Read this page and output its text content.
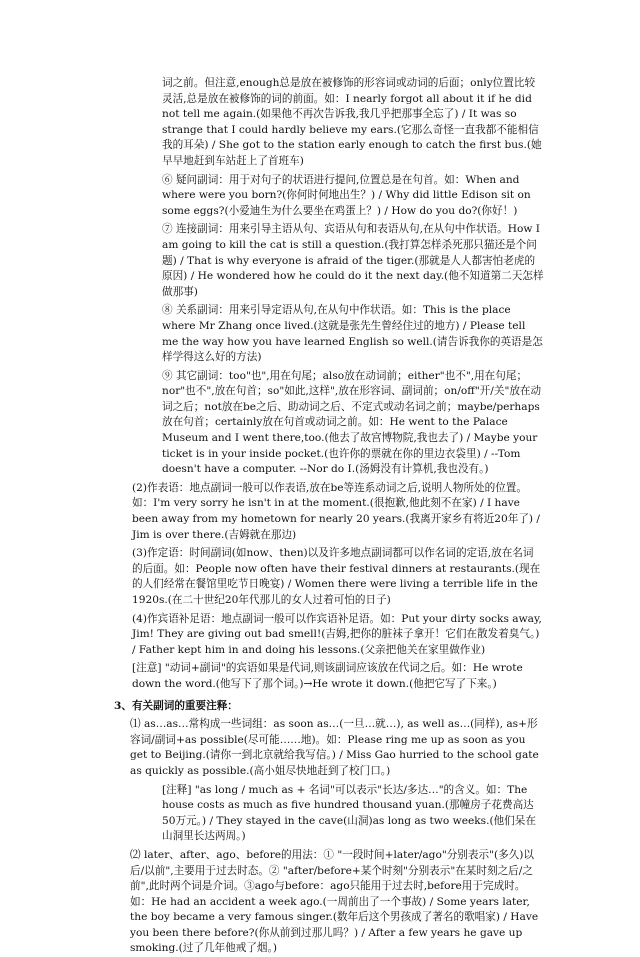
词之前。但注意,enough总是放在被修饰的形容词或动词的后面；only位置比较灵活,总是放在被修饰的词的前面。如：I nearly forgot all about it if he did not tell me again.(如果他不再次告诉我,我几乎把那事全忘了) / It was so strange that I could hardly believe my ears.(它那么奇怪一直我都不能相信我的耳朵) / She got to the station early enough to catch the first bus.(她早早地赶到车站赶上了首班车)
⑥ 疑问副词：用于对句子的状语进行提问,位置总是在句首。如：When and where were you born?(你何时何地出生？) / Why did little Edison sit on some eggs?(小爱迪生为什么要坐在鸡蛋上？) / How do you do?(你好！)
⑦ 连接副词：用来引导主语从句、宾语从句和表语从句,在从句中作状语。How I am going to kill the cat is still a question.(我打算怎样杀死那只猫还是个问题) / That is why everyone is afraid of the tiger.(那就是人人都害怕老虎的原因) / He wondered how he could do it the next day.(他不知道第二天怎样做那事)
⑧ 关系副词：用来引导定语从句,在从句中作状语。如：This is the place where Mr Zhang once lived.(这就是张先生曾经住过的地方) / Please tell me the way how you have learned English so well.(请告诉我你的英语是怎样学得这么好的方法)
⑨ 其它副词：too"也",用在句尾；also放在动词前；either"也不",用在句尾；nor"也不",放在句首；so"如此,这样",放在形容词、副词前；on/off"开/关"放在动词之后；not放在be之后、助动词之后、不定式或动名词之前；maybe/perhaps放在句首；certainly放在句首或动词之前。如：He went to the Palace Museum and I went there,too.(他去了故宫博物院,我也去了) / Maybe your ticket is in your inside pocket.(也许你的票就在你的里边衣袋里) / --Tom doesn't have a computer. --Nor do I.(汤姆没有计算机,我也没有。)
(2)作表语：地点副词一般可以作表语,放在be等连系动词之后,说明人物所处的位置。如：I'm very sorry he isn't in at the moment.(很抱歉,他此刻不在家) / I have been away from my hometown for nearly 20 years.(我离开家乡有将近20年了) / Jim is over there.(吉姆就在那边)
(3)作定语：时间副词(如now、then)以及许多地点副词都可以作名词的定语,放在名词的后面。如：People now often have their festival dinners at restaurants.(现在的人们经常在餐馆里吃节日晚宴) / Women there were living a terrible life in the 1920s.(在二十世纪20年代那儿的女人过着可怕的日子)
(4)作宾语补足语：地点副词一般可以作宾语补足语。如：Put your dirty socks away, Jim! They are giving out bad smell!(吉姆,把你的脏袜子拿开！它们在散发着臭气。) / Father kept him in and doing his lessons.(父亲把他关在家里做作业)
[注意] "动词+副词"的宾语如果是代词,则该副词应该放在代词之后。如：He wrote down the word.(他写下了那个词。)→He wrote it down.(他把它写了下来。)
3、有关副词的重要注释：
⑴ as…as…常构成一些词组：as soon as…(一旦…就…), as well as…(同样), as+形容词/副词+as possible(尽可能……地)。如：Please ring me up as soon as you get to Beijing.(请你一到北京就给我写信。) / Miss Gao hurried to the school gate as quickly as possible.(高小姐尽快地赶到了校门口。)
[注释] "as long / much as + 名词"可以表示"长达/多达…"的含义。如：The house costs as much as five hundred thousand yuan.(那幢房子花费高达50万元。) / They stayed in the cave(山洞)as long as two weeks.(他们呆在山洞里长达两周。)
⑵ later、after、ago、before的用法：① "一段时间+later/ago"分别表示"(多久)以后/以前",主要用于过去时态。② "after/before+某个时刻"分别表示"在某时刻之后/之前",此时两个词是介词。③ago与before：ago只能用于过去时,before用于完成时。如：He had an accident a week ago.(一周前出了一个事故) / Some years later, the boy became a very famous singer.(数年后这个男孩成了著名的歌唱家) / Have you been there before?(你从前到过那儿吗？) / After a few years he gave up smoking.(过了几年他戒了烟。)
